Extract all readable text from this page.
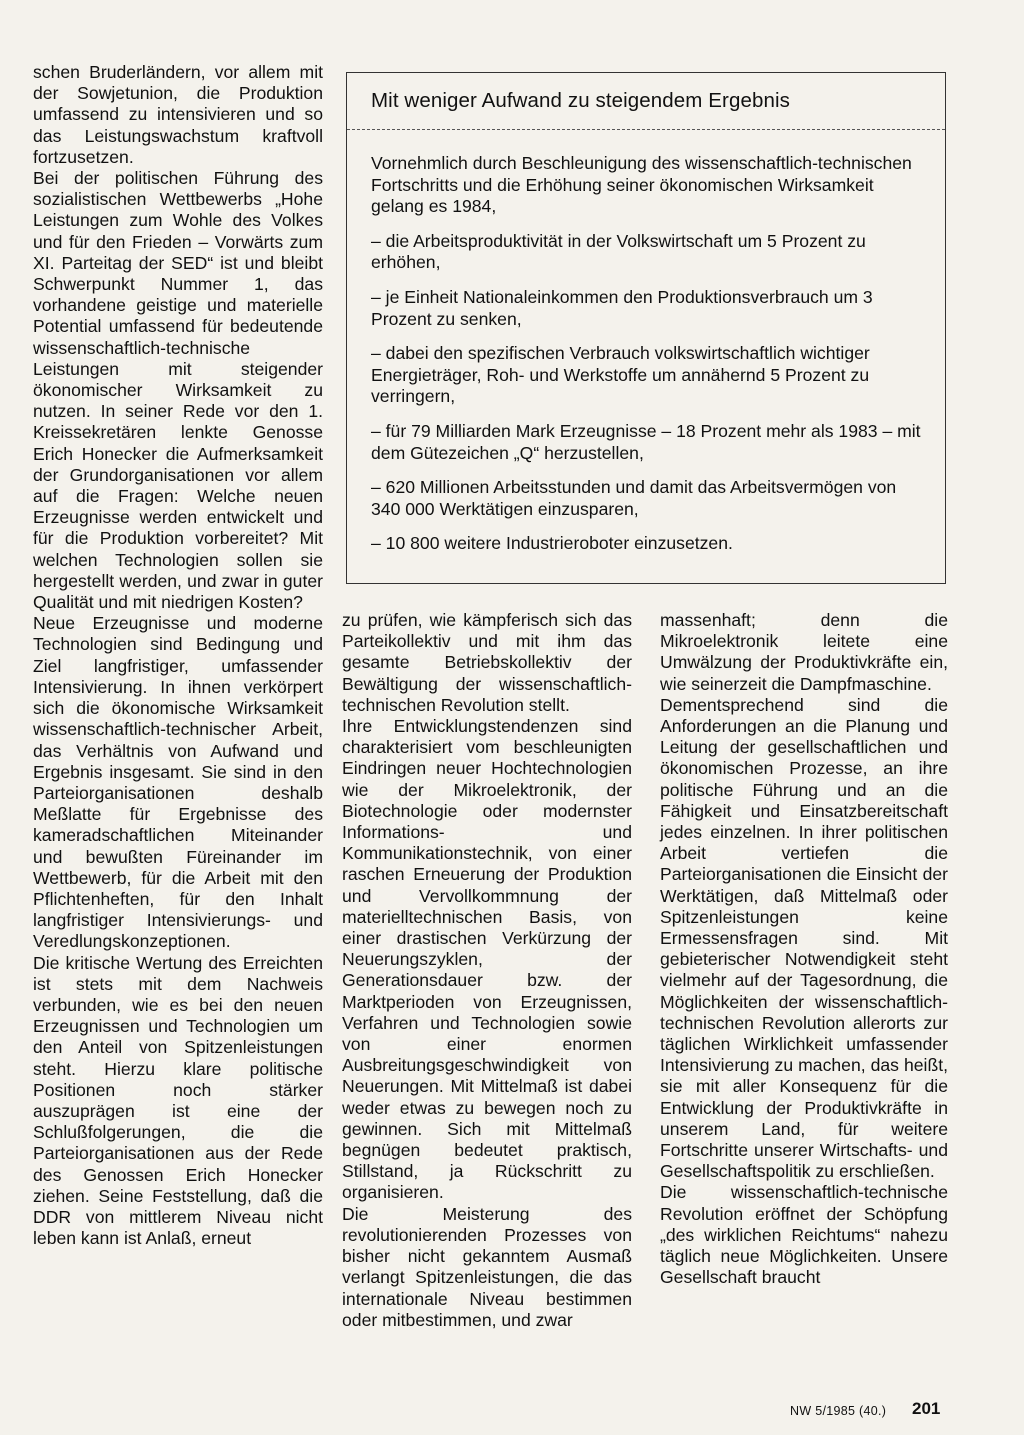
schen Bruderländern, vor allem mit der Sowjetunion, die Produktion umfassend zu intensivieren und so das Leistungswachstum kraftvoll fortzusetzen.

Bei der politischen Führung des sozialistischen Wettbewerbs „Hohe Leistungen zum Wohle des Volkes und für den Frieden – Vorwärts zum XI. Parteitag der SED“ ist und bleibt Schwerpunkt Nummer 1, das vorhandene geistige und materielle Potential umfassend für bedeutende wissenschaftlich-technische Leistungen mit steigender ökonomischer Wirksamkeit zu nutzen. In seiner Rede vor den 1. Kreissekretären lenkte Genosse Erich Honecker die Aufmerksamkeit der Grundorganisationen vor allem auf die Fragen: Welche neuen Erzeugnisse werden entwickelt und für die Produktion vorbereitet? Mit welchen Technologien sollen sie hergestellt werden, und zwar in guter Qualität und mit niedrigen Kosten?

Neue Erzeugnisse und moderne Technologien sind Bedingung und Ziel langfristiger, umfassender Intensivierung. In ihnen verkörpert sich die ökonomische Wirksamkeit wissenschaftlich-technischer Arbeit, das Verhältnis von Aufwand und Ergebnis insgesamt. Sie sind in den Parteiorganisationen deshalb Meßlatte für Ergebnisse des kameradschaftlichen Miteinander und bewußten Füreinander im Wettbewerb, für die Arbeit mit den Pflichtenheften, für den Inhalt langfristiger Intensivierungs- und Veredlungskonzeptionen.

Die kritische Wertung des Erreichten ist stets mit dem Nachweis verbunden, wie es bei den neuen Erzeugnissen und Technologien um den Anteil von Spitzenleistungen steht. Hierzu klare politische Positionen noch stärker auszuprägen ist eine der Schlußfolgerungen, die die Parteiorganisationen aus der Rede des Genossen Erich Honecker ziehen. Seine Feststellung, daß die DDR von mittlerem Niveau nicht leben kann ist Anlaß, erneut

Mit weniger Aufwand zu steigendem Ergebnis

Vornehmlich durch Beschleunigung des wissenschaftlich-technischen Fortschritts und die Erhöhung seiner ökonomischen Wirksamkeit gelang es 1984,

– die Arbeitsproduktivität in der Volkswirtschaft um 5 Prozent zu erhöhen,

– je Einheit Nationaleinkommen den Produktionsverbrauch um 3 Prozent zu senken,

– dabei den spezifischen Verbrauch volkswirtschaftlich wichtiger Energieträger, Roh- und Werkstoffe um annähernd 5 Prozent zu verringern,

– für 79 Milliarden Mark Erzeugnisse – 18 Prozent mehr als 1983 – mit dem Gütezeichen „Q“ herzustellen,

– 620 Millionen Arbeitsstunden und damit das Arbeitsvermögen von 340 000 Werktätigen einzusparen,

– 10 800 weitere Industrieroboter einzusetzen.

zu prüfen, wie kämpferisch sich das Parteikollektiv und mit ihm das gesamte Betriebskollektiv der Bewältigung der wissenschaftlich-technischen Revolution stellt.

Ihre Entwicklungstendenzen sind charakterisiert vom beschleunigten Eindringen neuer Hochtechnologien wie der Mikroelektronik, der Biotechnologie oder modernster Informations- und Kommunikationstechnik, von einer raschen Erneuerung der Produktion und Vervollkommnung der materielltechnischen Basis, von einer drastischen Verkürzung der Neuerungszyklen, der Generationsdauer bzw. der Marktperioden von Erzeugnissen, Verfahren und Technologien sowie von einer enormen Ausbreitungsgeschwindigkeit von Neuerungen. Mit Mittelmaß ist dabei weder etwas zu bewegen noch zu gewinnen. Sich mit Mittelmaß begnügen bedeutet praktisch, Stillstand, ja Rückschritt zu organisieren.

Die Meisterung des revolutionierenden Prozesses von bisher nicht gekanntem Ausmaß verlangt Spitzenleistungen, die das internationale Niveau bestimmen oder mitbestimmen, und zwar

massenhaft; denn die Mikroelektronik leitete eine Umwälzung der Produktivkräfte ein, wie seinerzeit die Dampfmaschine.

Dementsprechend sind die Anforderungen an die Planung und Leitung der gesellschaftlichen und ökonomischen Prozesse, an ihre politische Führung und an die Fähigkeit und Einsatzbereitschaft jedes einzelnen. In ihrer politischen Arbeit vertiefen die Parteiorganisationen die Einsicht der Werktätigen, daß Mittelmaß oder Spitzenleistungen keine Ermessensfragen sind. Mit gebieterischer Notwendigkeit steht vielmehr auf der Tagesordnung, die Möglichkeiten der wissenschaftlich-technischen Revolution allerorts zur täglichen Wirklichkeit umfassender Intensivierung zu machen, das heißt, sie mit aller Konsequenz für die Entwicklung der Produktivkräfte in unserem Land, für weitere Fortschritte unserer Wirtschafts- und Gesellschaftspolitik zu erschließen.

Die wissenschaftlich-technische Revolution eröffnet der Schöpfung „des wirklichen Reichtums“ nahezu täglich neue Möglichkeiten. Unsere Gesellschaft braucht

NW 5/1985 (40.) 201
